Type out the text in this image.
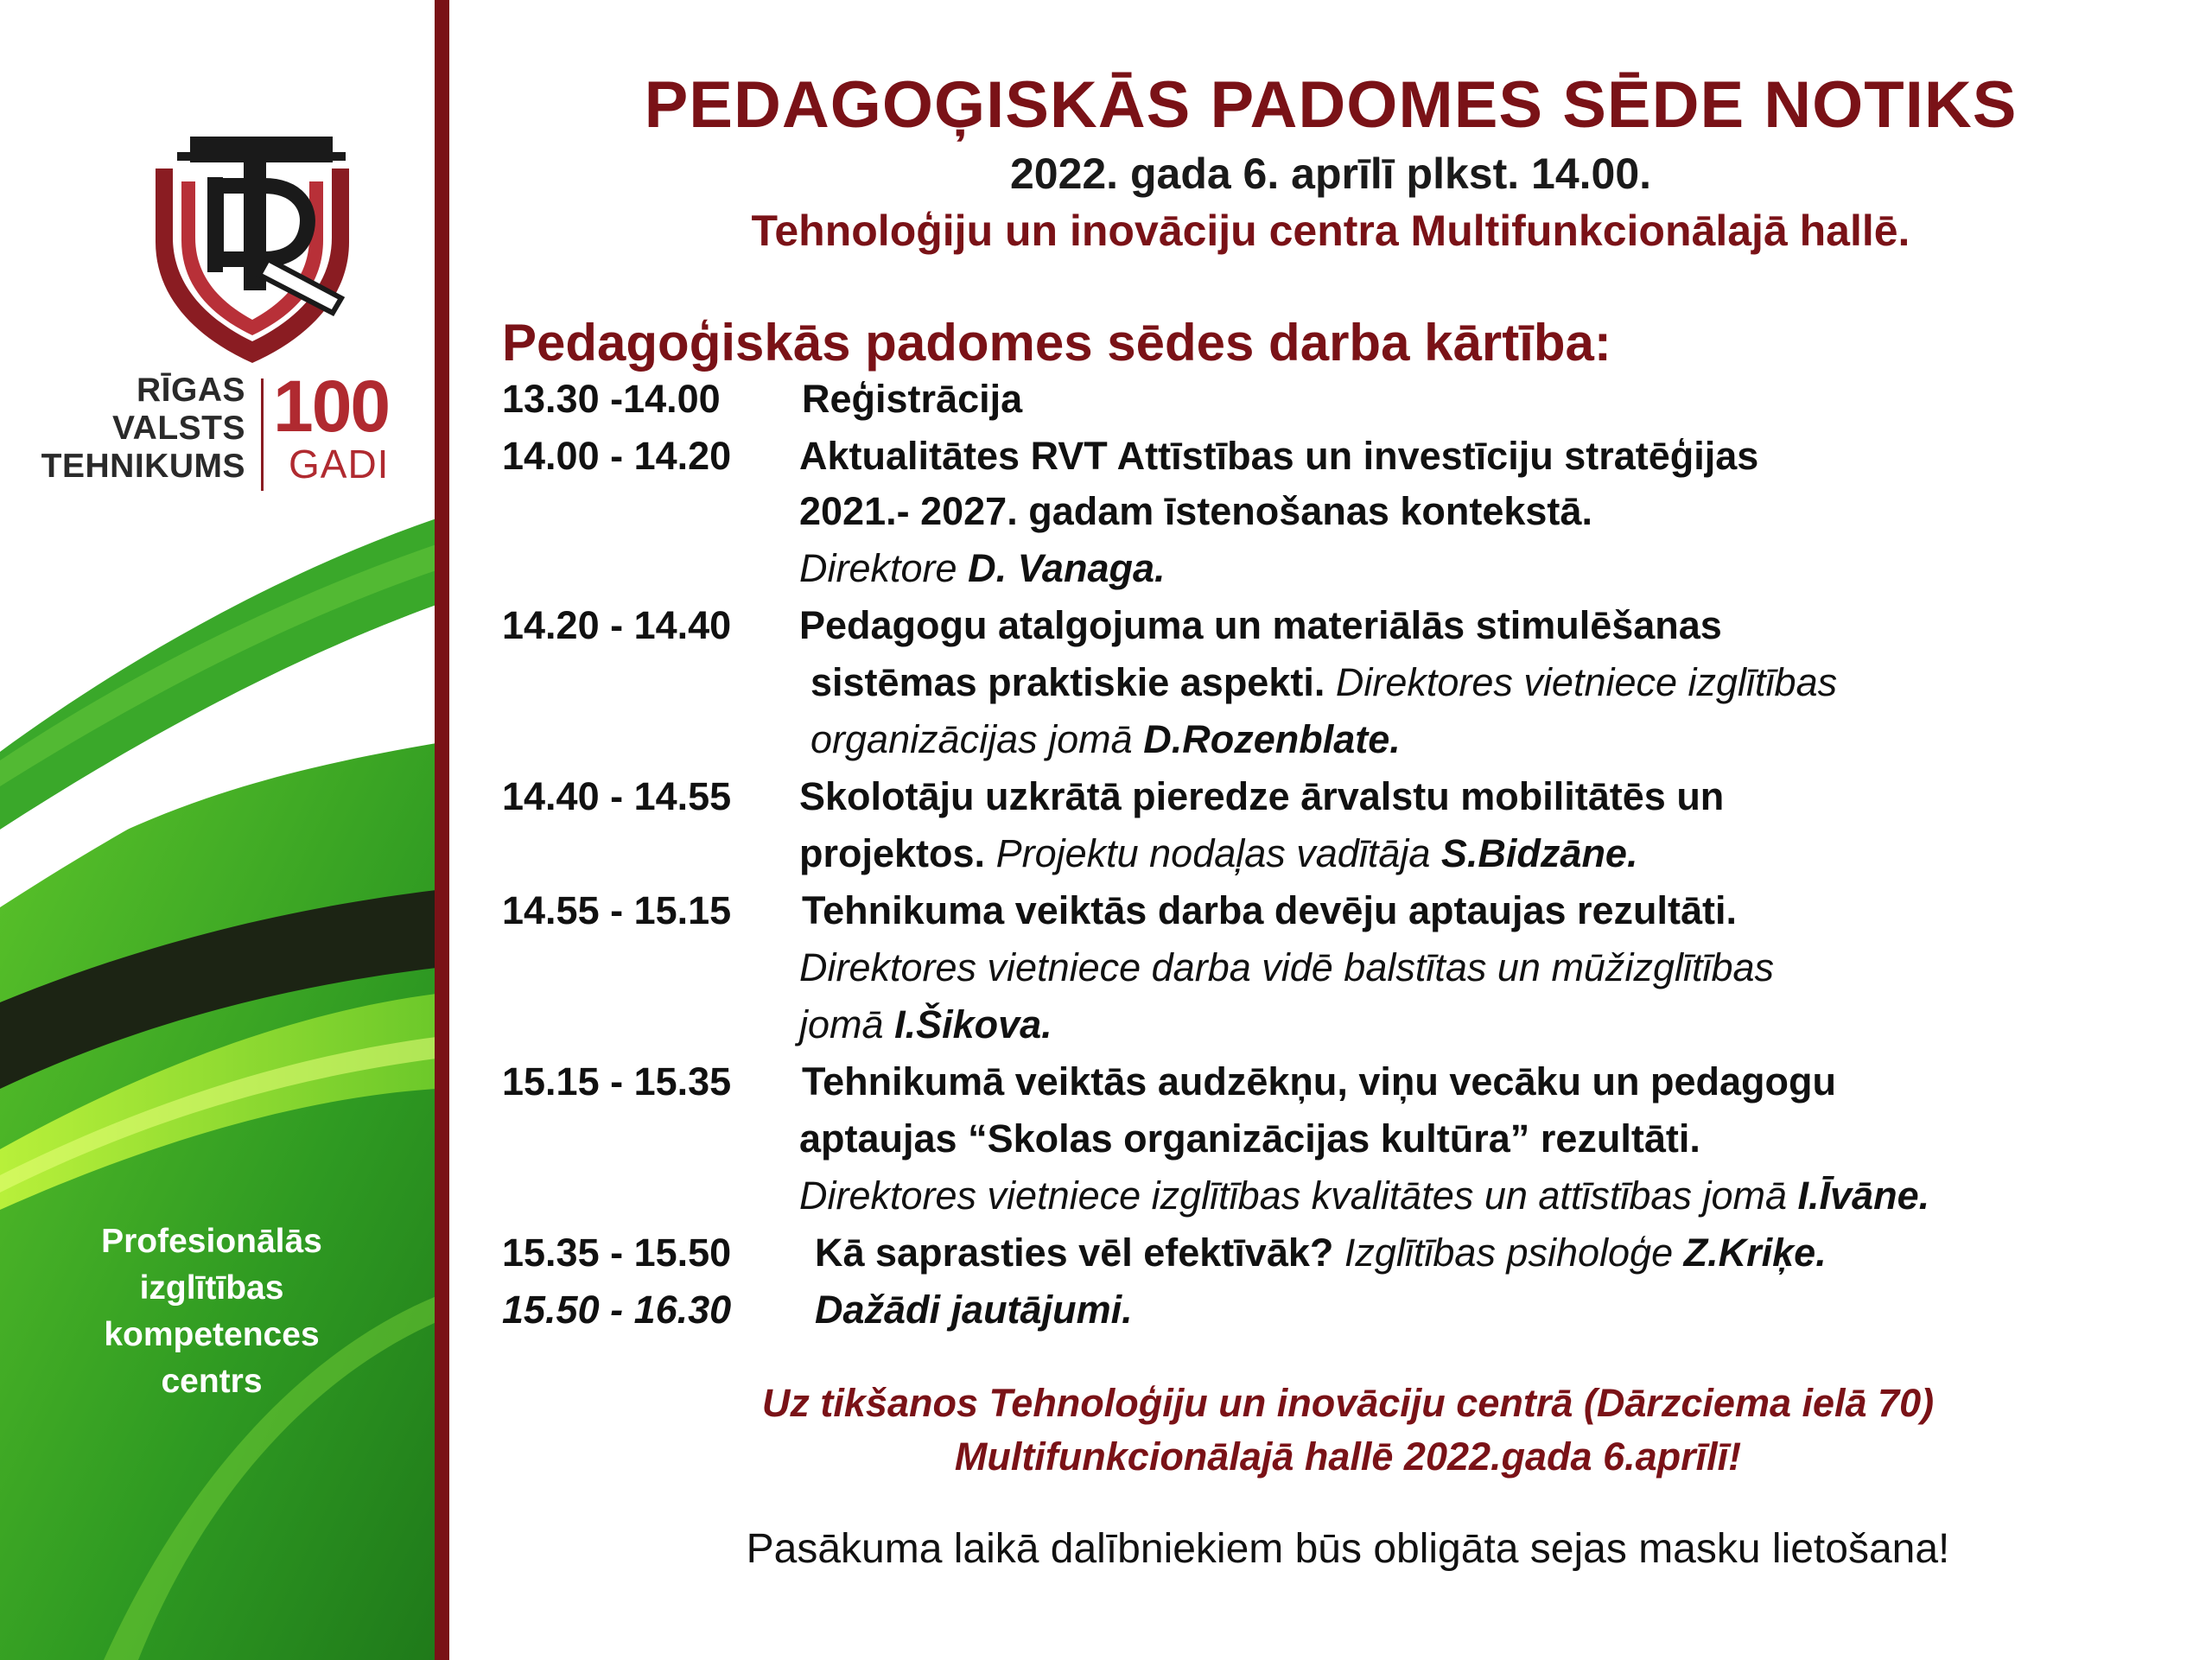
RĪGAS
VALSTS
TEHNIKUMS
100
GADI
Profesionālās
izglītības
kompetences
centrs
PEDAGOĢISKĀS PADOMES SĒDE NOTIKS
2022. gada 6. aprīlī plkst. 14.00.
Tehnoloģiju un inovāciju centra Multifunkcionālajā hallē.
Pedagoģiskās padomes sēdes darba kārtība:
13.30 -14.00 Reģistrācija
14.00 - 14.20 Aktualitātes RVT Attīstības un investīciju stratēģijas
2021.- 2027. gadam īstenošanas kontekstā.
Direktore D. Vanaga.
14.20 - 14.40 Pedagogu atalgojuma un materiālās stimulēšanas
sistēmas praktiskie aspekti. Direktores vietniece izglītības
organizācijas jomā D.Rozenblate.
14.40 - 14.55 Skolotāju uzkrātā pieredze ārvalstu mobilitātēs un
projektos. Projektu nodaļas vadītāja S.Bidzāne.
14.55 - 15.15 Tehnikuma veiktās darba devēju aptaujas rezultāti.
Direktores vietniece darba vidē balstītas un mūžizglītības
jomā I.Šikova.
15.15 - 15.35 Tehnikumā veiktās audzēkņu, viņu vecāku un pedagogu
aptaujas “Skolas organizācijas kultūra” rezultāti.
Direktores vietniece izglītības kvalitātes un attīstības jomā I.Īvāne.
15.35 - 15.50 Kā saprasties vēl efektīvāk? Izglītības psiholoģe Z.Kriķe.
15.50 - 16.30 Dažādi jautājumi.
Uz tikšanos Tehnoloģiju un inovāciju centrā (Dārzciema ielā 70)
Multifunkcionālajā hallē 2022.gada 6.aprīlī!
Pasākuma laikā dalībniekiem būs obligāta sejas masku lietošana!
